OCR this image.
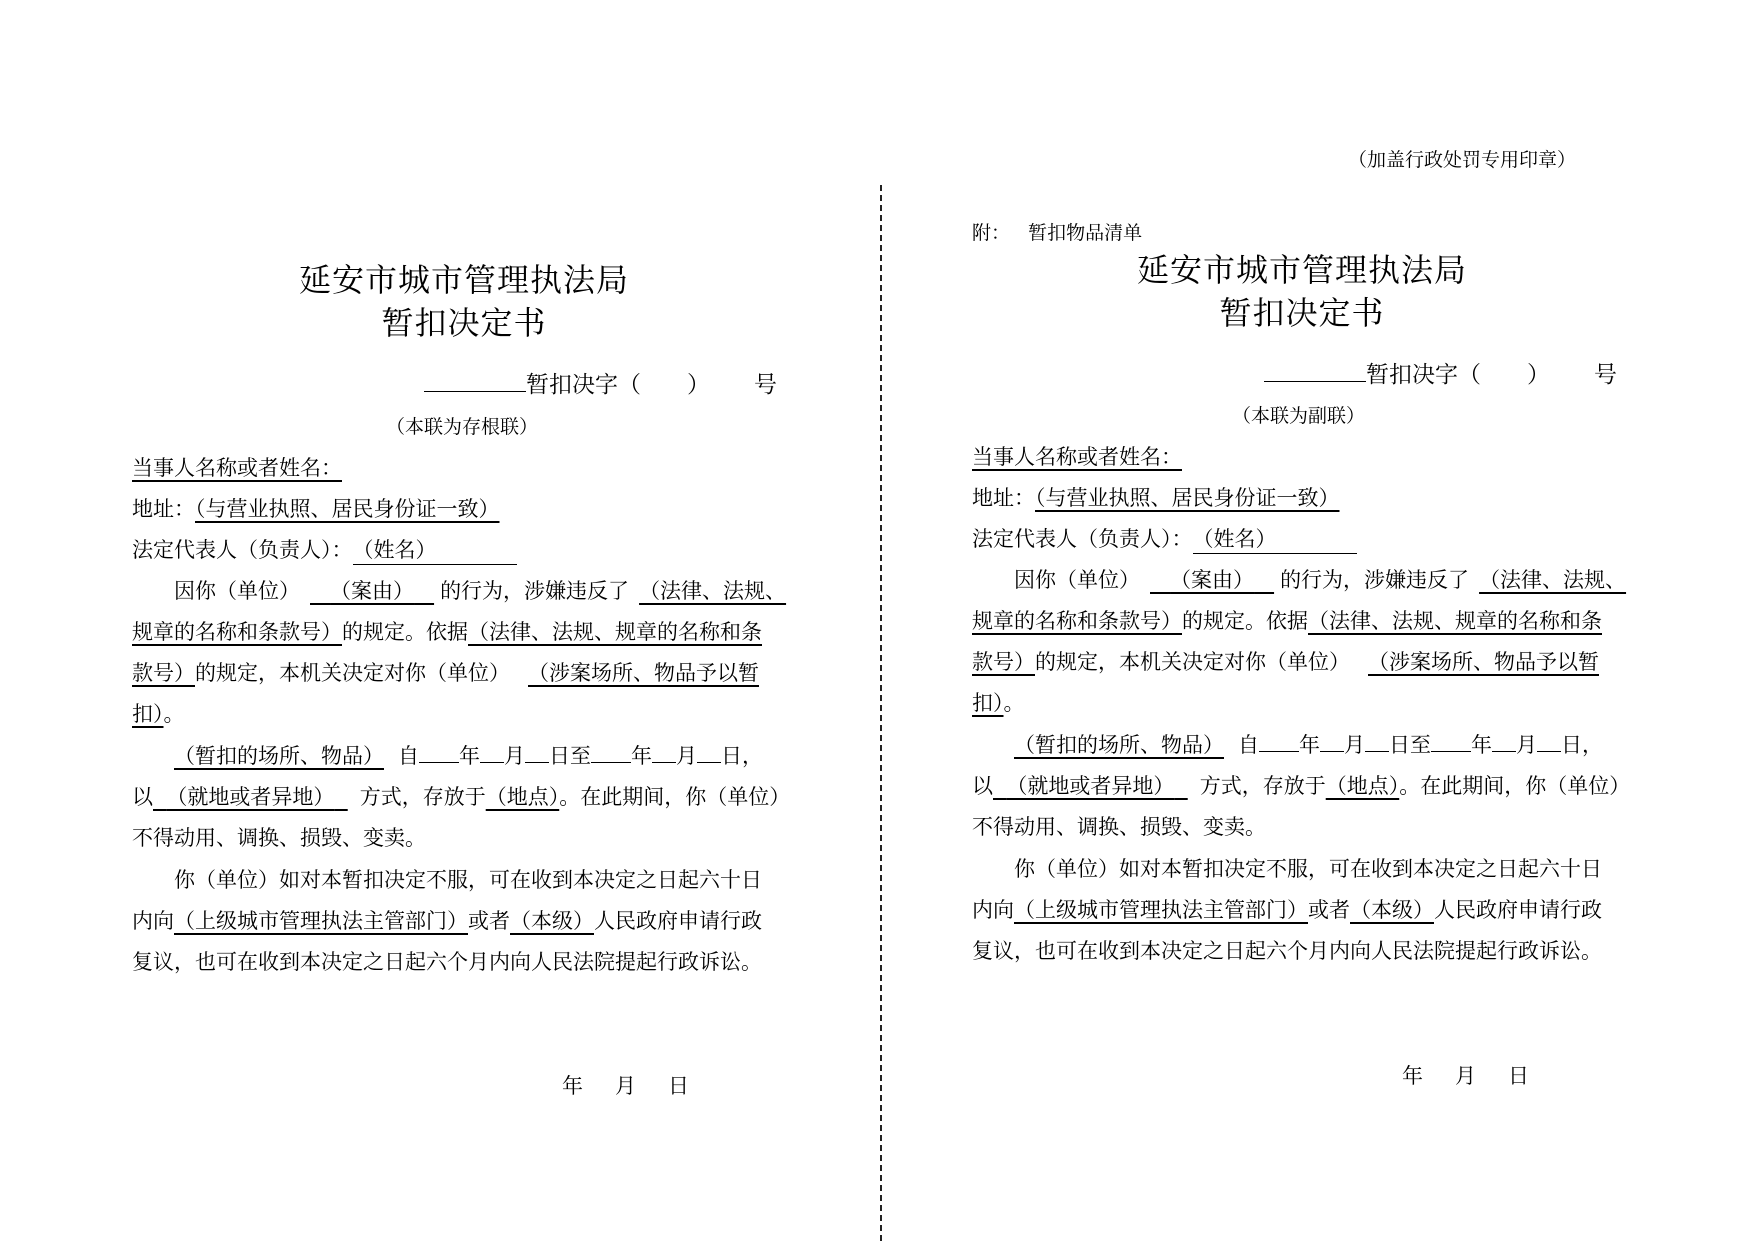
（加盖行政处罚专用印章）
附： 暂扣物品清单
延安市城市管理执法局
暂扣决定书
暂扣决字（ ） 号
（本联为存根联）
当事人名称或者姓名：
地址：（与营业执照、居民身份证一致）
法定代表人（负责人）：（姓名）
因你（单位） （案由） 的行为，涉嫌违反了 （法律、法规、
规章的名称和条款号）的规定。依据（法律、法规、规章的名称和条
款号）的规定，本机关决定对你（单位） （涉案场所、物品予以暂
扣）。
（暂扣的场所、物品） 自 年 月 日至 年 月 日，
以 （就地或者异地） 方式，存放于（地点）。在此期间，你（单位）
不得动用、调换、损毁、变卖。
你（单位）如对本暂扣决定不服，可在收到本决定之日起六十日
内向（上级城市管理执法主管部门）或者（本级）人民政府申请行政
复议，也可在收到本决定之日起六个月内向人民法院提起行政诉讼。
年 月 日
延安市城市管理执法局
暂扣决定书
暂扣决字（ ） 号
（本联为副联）
当事人名称或者姓名：
地址：（与营业执照、居民身份证一致）
法定代表人（负责人）：（姓名）
因你（单位） （案由） 的行为，涉嫌违反了 （法律、法规、
规章的名称和条款号）的规定。依据（法律、法规、规章的名称和条
款号）的规定，本机关决定对你（单位） （涉案场所、物品予以暂
扣）。
（暂扣的场所、物品） 自 年 月 日至 年 月 日，
以 （就地或者异地） 方式，存放于（地点）。在此期间，你（单位）
不得动用、调换、损毁、变卖。
你（单位）如对本暂扣决定不服，可在收到本决定之日起六十日
内向（上级城市管理执法主管部门）或者（本级）人民政府申请行政
复议，也可在收到本决定之日起六个月内向人民法院提起行政诉讼。
年 月 日
